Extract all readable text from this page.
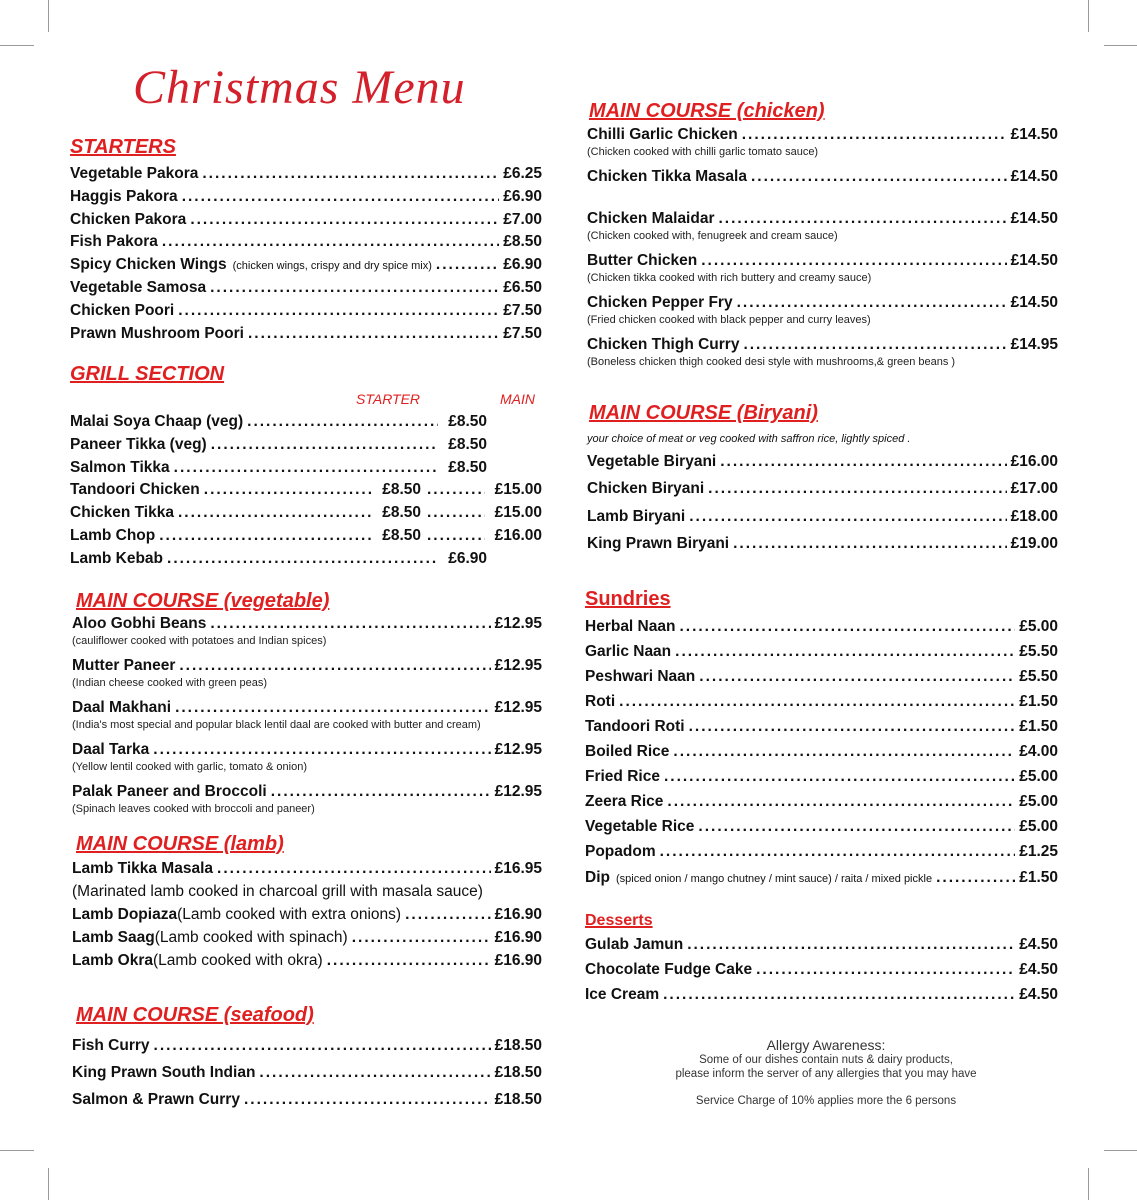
Christmas Menu
STARTERS
Vegetable Pakora .....	£6.25
Haggis Pakora .....	£6.90
Chicken Pakora .....	£7.00
Fish Pakora .....	£8.50
Spicy Chicken Wings (chicken wings, crispy and dry spice mix) .....	£6.90
Vegetable Samosa .....	£6.50
Chicken Poori .....	£7.50
Prawn Mushroom Poori .....	£7.50
GRILL SECTION
STARTER	MAIN
Malai Soya Chaap (veg) .....	£8.50
Paneer Tikka (veg) .....	£8.50
Salmon Tikka .....	£8.50
Tandoori Chicken .....	£8.50 .....	£15.00
Chicken Tikka .....	£8.50 .....	£15.00
Lamb Chop .....	£8.50 .....	£16.00
Lamb Kebab .....	£6.90
MAIN COURSE (vegetable)
Aloo Gobhi Beans .....	£12.95
(cauliflower cooked with potatoes and Indian spices)
Mutter Paneer .....	£12.95
(Indian cheese cooked with green peas)
Daal Makhani .....	£12.95
(India's most special and popular black lentil daal are cooked with butter and cream)
Daal Tarka .....	£12.95
(Yellow lentil cooked with garlic, tomato & onion)
Palak Paneer and Broccoli .....	£12.95
(Spinach leaves cooked with broccoli and paneer)
MAIN COURSE (lamb)
Lamb Tikka Masala .....	£16.95
(Marinated lamb cooked in charcoal grill with masala sauce)
Lamb Dopiaza (Lamb cooked with extra onions) .....	£16.90
Lamb Saag (Lamb cooked with spinach) .....	£16.90
Lamb Okra (Lamb cooked with okra) .....	£16.90
MAIN COURSE (seafood)
Fish Curry .....	£18.50
King Prawn South Indian .....	£18.50
Salmon & Prawn Curry .....	£18.50
MAIN COURSE (chicken)
Chilli Garlic Chicken .....	£14.50
(Chicken cooked with chilli garlic tomato sauce)
Chicken Tikka Masala .....	£14.50
Chicken Malaidar .....	£14.50
(Chicken cooked with, fenugreek and cream sauce)
Butter Chicken .....	£14.50
(Chicken tikka cooked with rich buttery and creamy sauce)
Chicken Pepper Fry .....	£14.50
(Fried chicken cooked with black pepper and curry leaves)
Chicken Thigh Curry .....	£14.95
(Boneless chicken thigh cooked desi style with mushrooms,& green beans )
MAIN COURSE (Biryani)
your choice of meat or veg cooked with saffron rice, lightly spiced .
Vegetable Biryani .....	£16.00
Chicken Biryani .....	£17.00
Lamb Biryani .....	£18.00
King Prawn Biryani .....	£19.00
Sundries
Herbal Naan .....	£5.00
Garlic Naan .....	£5.50
Peshwari Naan .....	£5.50
Roti .....	£1.50
Tandoori Roti .....	£1.50
Boiled Rice .....	£4.00
Fried Rice .....	£5.00
Zeera Rice .....	£5.00
Vegetable Rice .....	£5.00
Popadom .....	£1.25
Dip (spiced onion / mango chutney / mint sauce) / raita / mixed pickle .....	£1.50
Desserts
Gulab Jamun .....	£4.50
Chocolate Fudge Cake .....	£4.50
Ice Cream .....	£4.50
Allergy Awareness:
Some of our dishes contain nuts & dairy products,
please inform the server of any allergies that you may have
Service Charge of 10% applies more the 6 persons
